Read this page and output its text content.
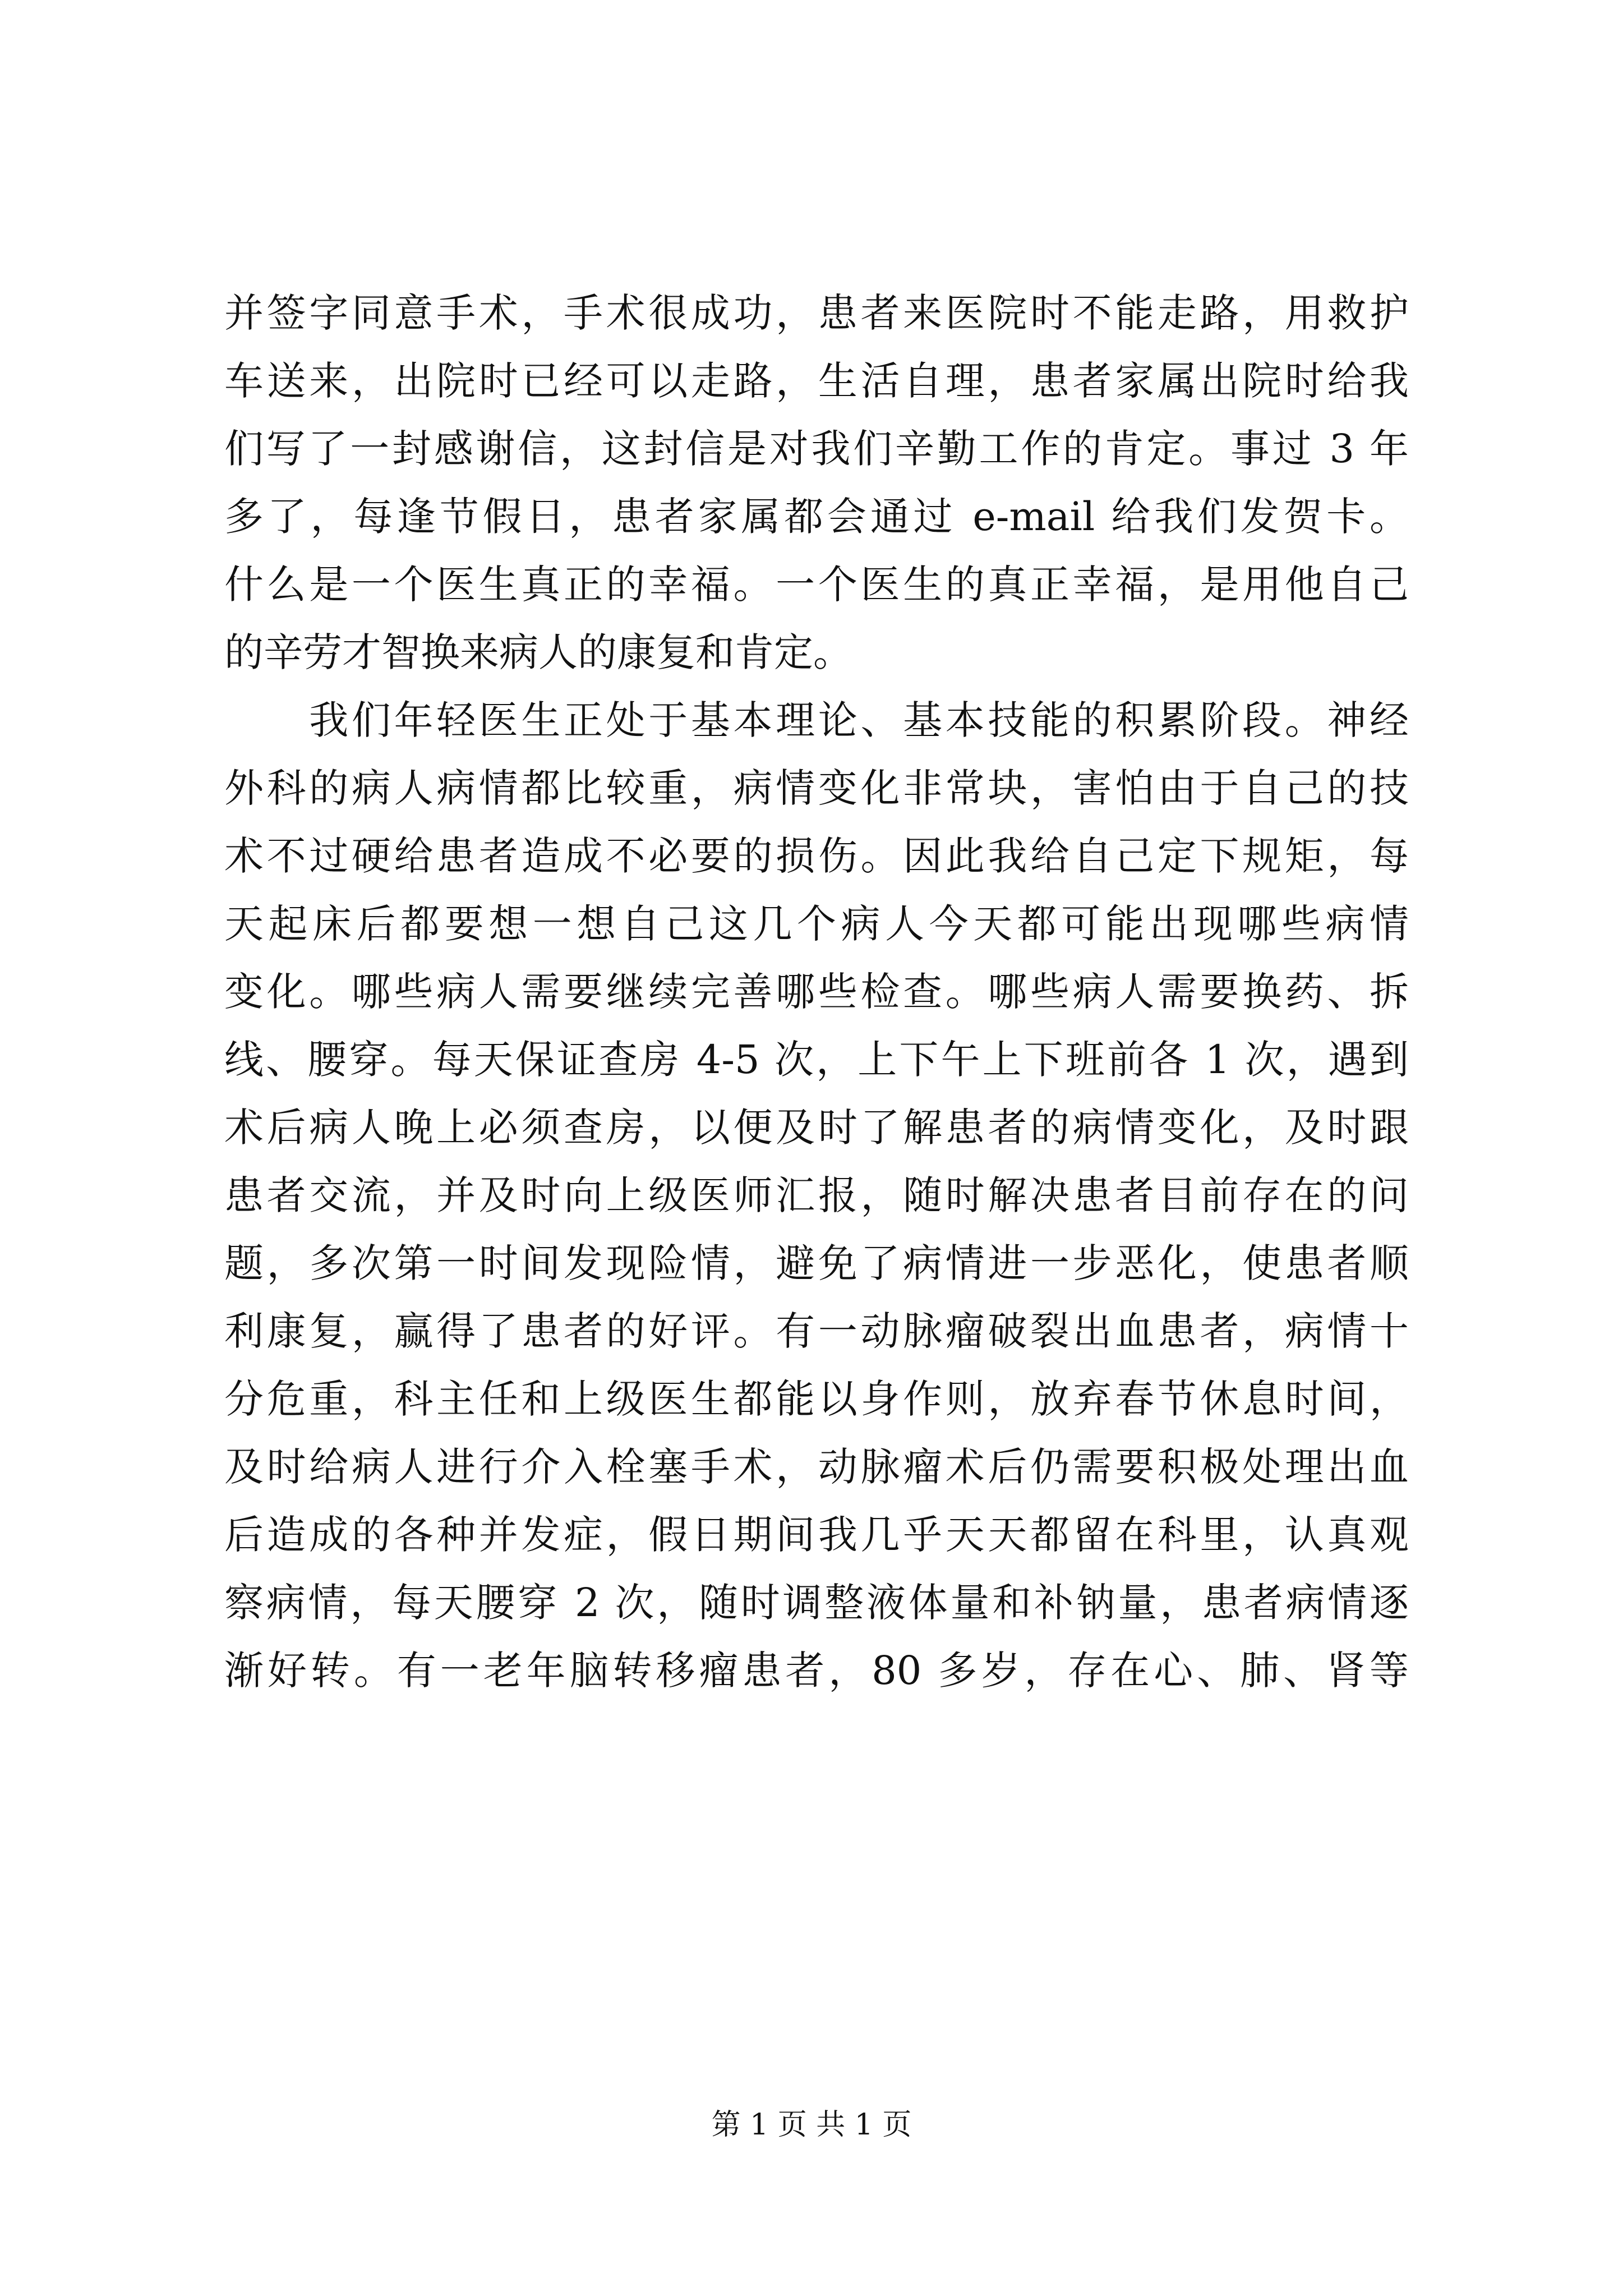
并签字同意手术，手术很成功，患者来医院时不能走路，用救护
车送来，出院时已经可以走路，生活自理，患者家属出院时给我
们写了一封感谢信，这封信是对我们辛勤工作的肯定。事过 3 年
多了，每逢节假日，患者家属都会通过 e-mail 给我们发贺卡。
什么是一个医生真正的幸福。一个医生的真正幸福，是用他自己
的辛劳才智换来病人的康复和肯定。
　　我们年轻医生正处于基本理论、基本技能的积累阶段。神经
外科的病人病情都比较重，病情变化非常块，害怕由于自己的技
术不过硬给患者造成不必要的损伤。因此我给自己定下规矩，每
天起床后都要想一想自己这几个病人今天都可能出现哪些病情
变化。哪些病人需要继续完善哪些检查。哪些病人需要换药、拆
线、腰穿。每天保证查房 4-5 次，上下午上下班前各 1 次，遇到
术后病人晚上必须查房，以便及时了解患者的病情变化，及时跟
患者交流，并及时向上级医师汇报，随时解决患者目前存在的问
题，多次第一时间发现险情，避免了病情进一步恶化，使患者顺
利康复，赢得了患者的好评。有一动脉瘤破裂出血患者，病情十
分危重，科主任和上级医生都能以身作则，放弃春节休息时间，
及时给病人进行介入栓塞手术，动脉瘤术后仍需要积极处理出血
后造成的各种并发症，假日期间我几乎天天都留在科里，认真观
察病情，每天腰穿 2 次，随时调整液体量和补钠量，患者病情逐
渐好转。有一老年脑转移瘤患者，80 多岁，存在心、肺、肾等
第 1 页 共 1 页
